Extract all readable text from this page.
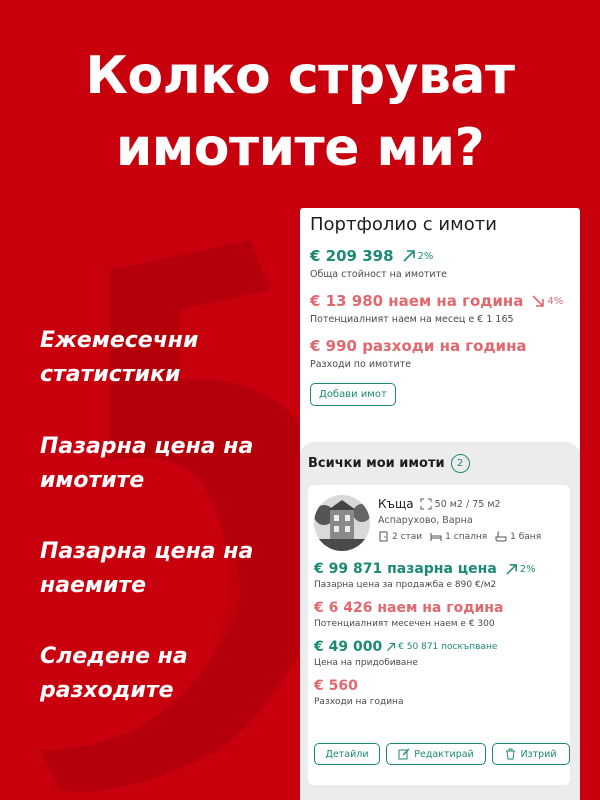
Колко струват
имотите ми?
Ежемесечни
статистики
Пазарна цена на
имотите
Пазарна цена на
наемите
Следене на
разходите
Портфолио с имоти
€ 209 398 2%
Обща стойност на имотите
€ 13 980 наем на година 4%
Потенциалният наем на месец е € 1 165
€ 990 разходи на година
Разходи по имотите
Добави имот
Всички мои имоти	2
Къща 50 м2 / 75 м2
Аспарухово, Варна
2 стаи	1 спалня	1 баня
€ 99 871 пазарна цена 2%
Пазарна цена за продажба е 890 €/м2
€ 6 426 наем на година
Потенциалният месечен наем е € 300
€ 49 000 € 50 871 поскъпване
Цена на придобиване
€ 560
Разходи на година
Детайли	Редактирай	Изтрий
